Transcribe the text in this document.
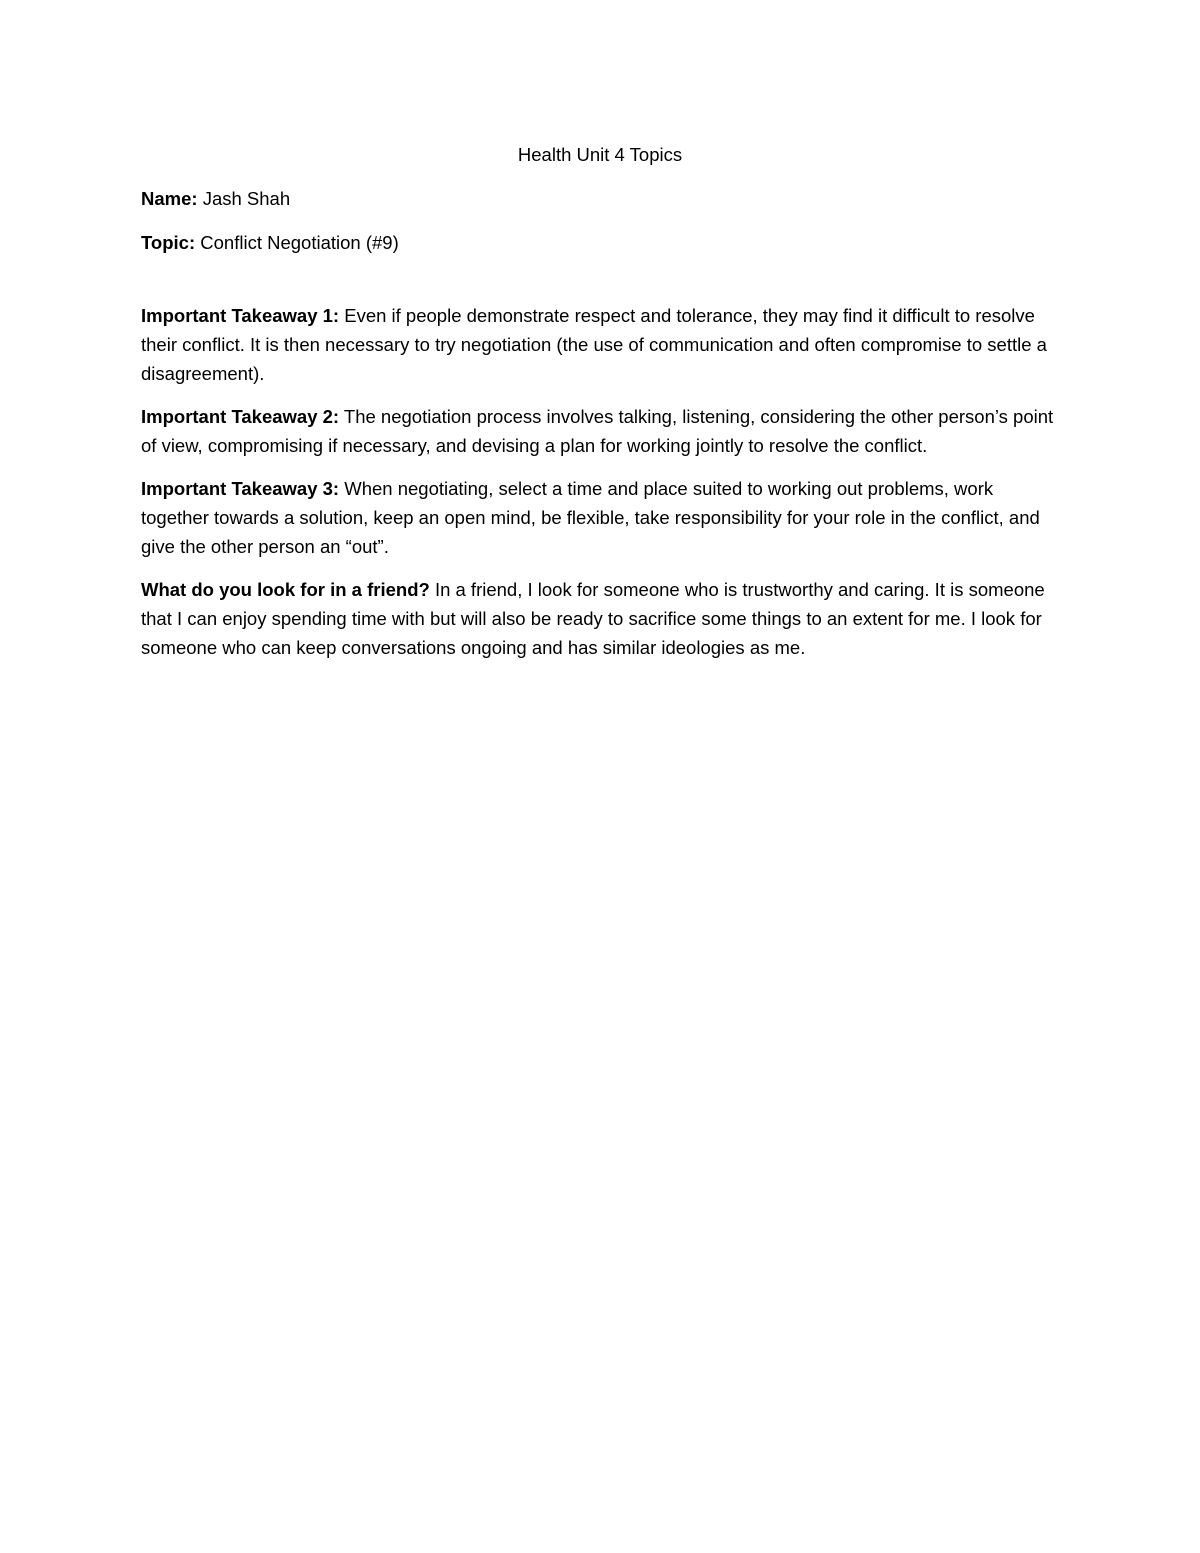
Health Unit 4 Topics
Name: Jash Shah
Topic: Conflict Negotiation (#9)
Important Takeaway 1: Even if people demonstrate respect and tolerance, they may find it difficult to resolve their conflict. It is then necessary to try negotiation (the use of communication and often compromise to settle a disagreement).
Important Takeaway 2: The negotiation process involves talking, listening, considering the other person’s point of view, compromising if necessary, and devising a plan for working jointly to resolve the conflict.
Important Takeaway 3: When negotiating, select a time and place suited to working out problems, work together towards a solution, keep an open mind, be flexible, take responsibility for your role in the conflict, and give the other person an “out”.
What do you look for in a friend? In a friend, I look for someone who is trustworthy and caring. It is someone that I can enjoy spending time with but will also be ready to sacrifice some things to an extent for me. I look for someone who can keep conversations ongoing and has similar ideologies as me.
